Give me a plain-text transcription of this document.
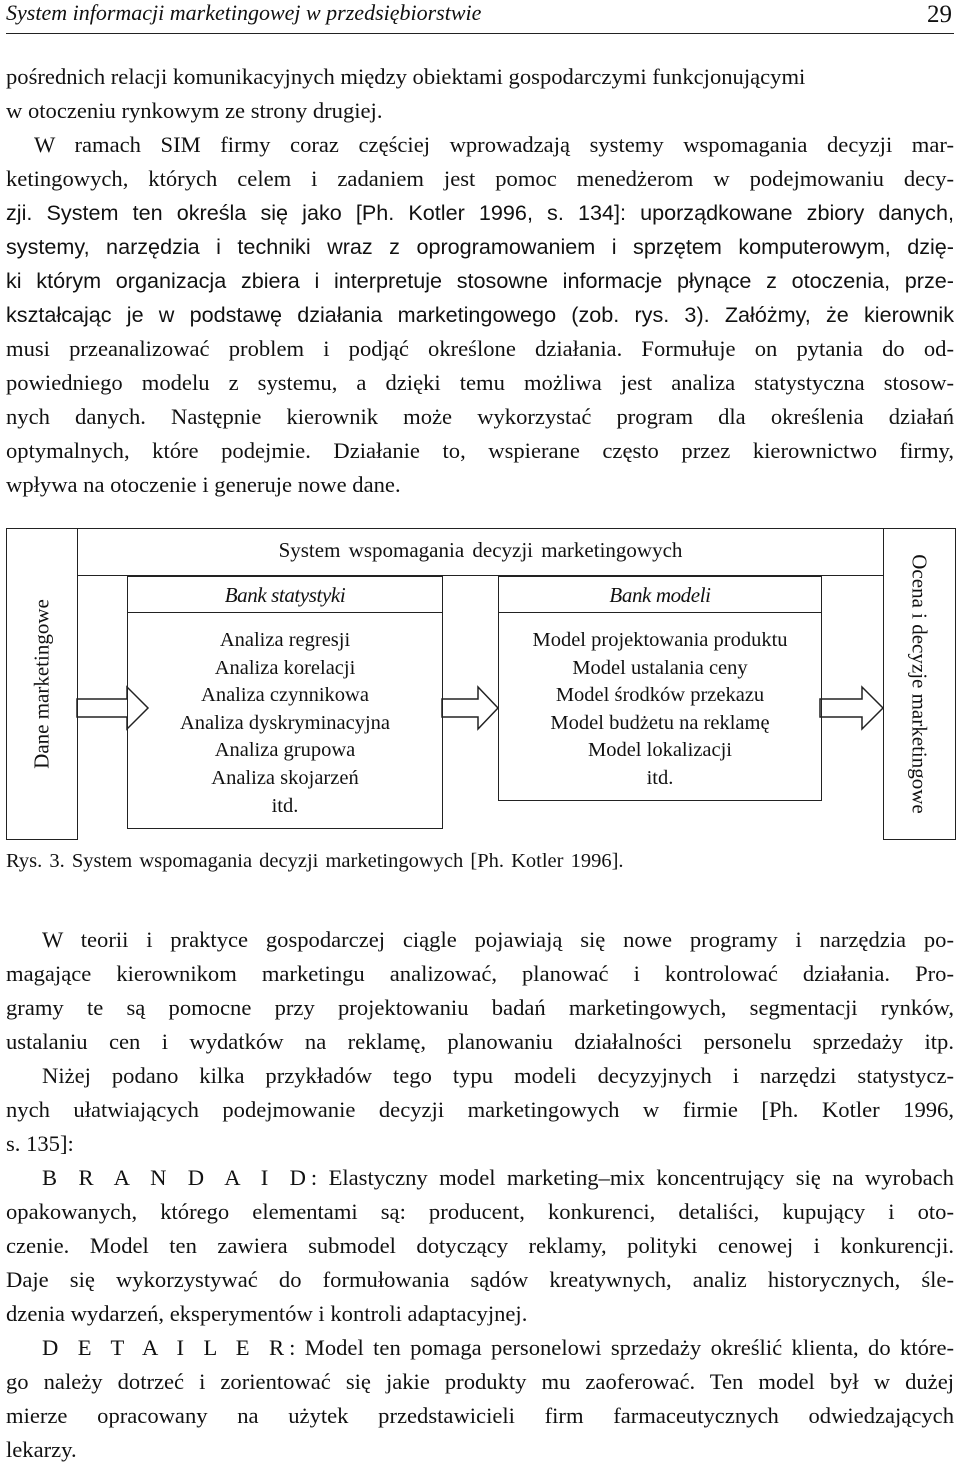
System informacji marketingowej w przedsiębiorstwie	29
pośrednich relacji komunikacyjnych między obiektami gospodarczymi funkcjonującymi
w otoczeniu rynkowym ze strony drugiej.
W ramach SIM firmy coraz częściej wprowadzają systemy wspomagania decyzji mar-
ketingowych, których celem i zadaniem jest pomoc menedżerom w podejmowaniu decy-
zji. System ten określa się jako [Ph. Kotler 1996, s. 134]: uporządkowane zbiory danych,
systemy, narzędzia i techniki wraz z oprogramowaniem i sprzętem komputerowym, dzię-
ki którym organizacja zbiera i interpretuje stosowne informacje płynące z otoczenia, prze-
kształcając je w podstawę działania marketingowego (zob. rys. 3). Załóżmy, że kierownik
musi przeanalizować problem i podjąć określone działania. Formułuje on pytania do od-
powiedniego modelu z systemu, a dzięki temu możliwa jest analiza statystyczna stosow-
nych danych. Następnie kierownik może wykorzystać program dla określenia działań
optymalnych, które podejmie. Działanie to, wspierane często przez kierownictwo firmy,
wpływa na otoczenie i generuje nowe dane.
Dane marketingowe
System wspomagania decyzji marketingowych
Ocena i decyzje marketingowe
Bank statystyki
Analiza regresji
Analiza korelacji
Analiza czynnikowa
Analiza dyskryminacyjna
Analiza grupowa
Analiza skojarzeń
itd.
Bank modeli
Model projektowania produktu
Model ustalania ceny
Model środków przekazu
Model budżetu na reklamę
Model lokalizacji
itd.
Rys. 3. System wspomagania decyzji marketingowych [Ph. Kotler 1996].
W teorii i praktyce gospodarczej ciągle pojawiają się nowe programy i narzędzia po-
magające kierownikom marketingu analizować, planować i kontrolować działania. Pro-
gramy te są pomocne przy projektowaniu badań marketingowych, segmentacji rynków,
ustalaniu cen i wydatków na reklamę, planowaniu działalności personelu sprzedaży itp.
Niżej podano kilka przykładów tego typu modeli decyzyjnych i narzędzi statystycz-
nych ułatwiających podejmowanie decyzji marketingowych w firmie [Ph. Kotler 1996,
s. 135]:
B R A N D A I D: Elastyczny model marketing–mix koncentrujący się na wyrobach
opakowanych, którego elementami są: producent, konkurenci, detaliści, kupujący i oto-
czenie. Model ten zawiera submodel dotyczący reklamy, polityki cenowej i konkurencji.
Daje się wykorzystywać do formułowania sądów kreatywnych, analiz historycznych, śle-
dzenia wydarzeń, eksperymentów i kontroli adaptacyjnej.
D E T A I L E R: Model ten pomaga personelowi sprzedaży określić klienta, do które-
go należy dotrzeć i zorientować się jakie produkty mu zaoferować. Ten model był w dużej
mierze opracowany na użytek przedstawicieli firm farmaceutycznych odwiedzających
lekarzy.
